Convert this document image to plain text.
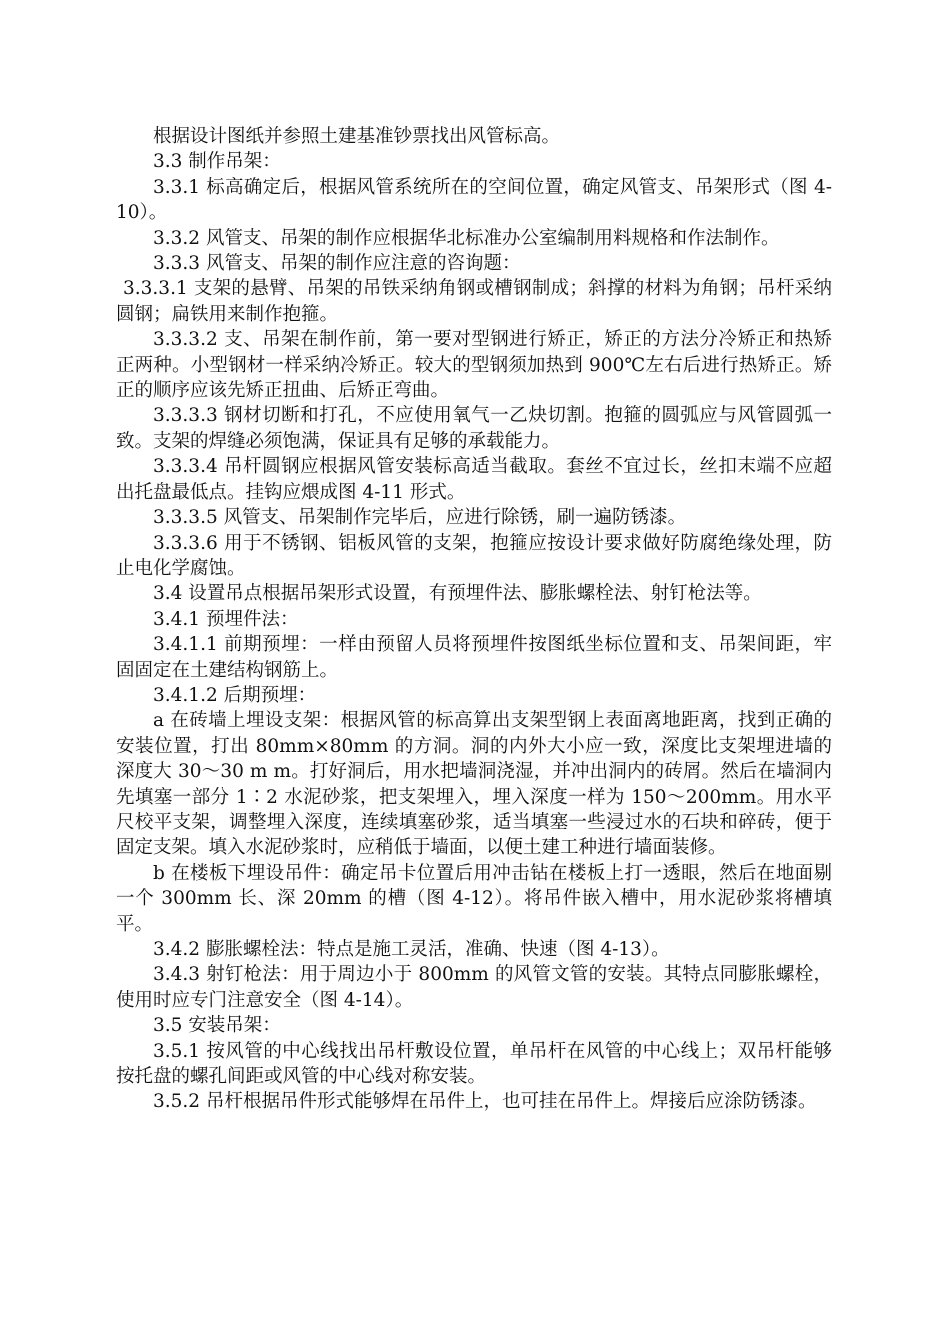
根据设计图纸并参照土建基准钞票找出风管标高。

3.3 制作吊架：

3.3.1 标高确定后，根据风管系统所在的空间位置，确定风管支、吊架形式（图 4-10）。

3.3.2 风管支、吊架的制作应根据华北标准办公室编制用料规格和作法制作。

3.3.3 风管支、吊架的制作应注意的咨询题：

3.3.3.1 支架的悬臂、吊架的吊铁采纳角钢或槽钢制成；斜撑的材料为角钢；吊杆采纳圆钢；扁铁用来制作抱箍。

3.3.3.2 支、吊架在制作前，第一要对型钢进行矫正，矫正的方法分冷矫正和热矫正两种。小型钢材一样采纳冷矫正。较大的型钢须加热到 900℃左右后进行热矫正。矫正的顺序应该先矫正扭曲、后矫正弯曲。

3.3.3.3 钢材切断和打孔，不应使用氧气一乙炔切割。抱箍的圆弧应与风管圆弧一致。支架的焊缝必须饱满，保证具有足够的承载能力。

3.3.3.4 吊杆圆钢应根据风管安装标高适当截取。套丝不宜过长，丝扣末端不应超出托盘最低点。挂钩应煨成图 4-11 形式。

3.3.3.5 风管支、吊架制作完毕后，应进行除锈，刷一遍防锈漆。

3.3.3.6 用于不锈钢、铝板风管的支架，抱箍应按设计要求做好防腐绝缘处理，防止电化学腐蚀。

3.4 设置吊点根据吊架形式设置，有预埋件法、膨胀螺栓法、射钉枪法等。

3.4.1 预埋件法：

3.4.1.1 前期预埋：一样由预留人员将预埋件按图纸坐标位置和支、吊架间距，牢固固定在土建结构钢筋上。

3.4.1.2 后期预埋：

a 在砖墙上埋设支架：根据风管的标高算出支架型钢上表面离地距离，找到正确的安装位置，打出 80mm×80mm 的方洞。洞的内外大小应一致，深度比支架埋进墙的深度大 30～30 m m。打好洞后，用水把墙洞浇湿，并冲出洞内的砖屑。然后在墙洞内先填塞一部分 1∶2 水泥砂浆，把支架埋入，埋入深度一样为 150～200mm。用水平尺校平支架，调整埋入深度，连续填塞砂浆，适当填塞一些浸过水的石块和碎砖，便于固定支架。填入水泥砂浆时，应稍低于墙面，以便土建工种进行墙面装修。

b 在楼板下埋设吊件：确定吊卡位置后用冲击钻在楼板上打一透眼，然后在地面剔一个 300mm 长、深 20mm 的槽（图 4-12）。将吊件嵌入槽中，用水泥砂浆将槽填平。

3.4.2 膨胀螺栓法：特点是施工灵活，准确、快速（图 4-13）。

3.4.3 射钉枪法：用于周边小于 800mm 的风管文管的安装。其特点同膨胀螺栓，使用时应专门注意安全（图 4-14）。

3.5 安装吊架：

3.5.1 按风管的中心线找出吊杆敷设位置，单吊杆在风管的中心线上；双吊杆能够按托盘的螺孔间距或风管的中心线对称安装。

3.5.2 吊杆根据吊件形式能够焊在吊件上，也可挂在吊件上。焊接后应涂防锈漆。
